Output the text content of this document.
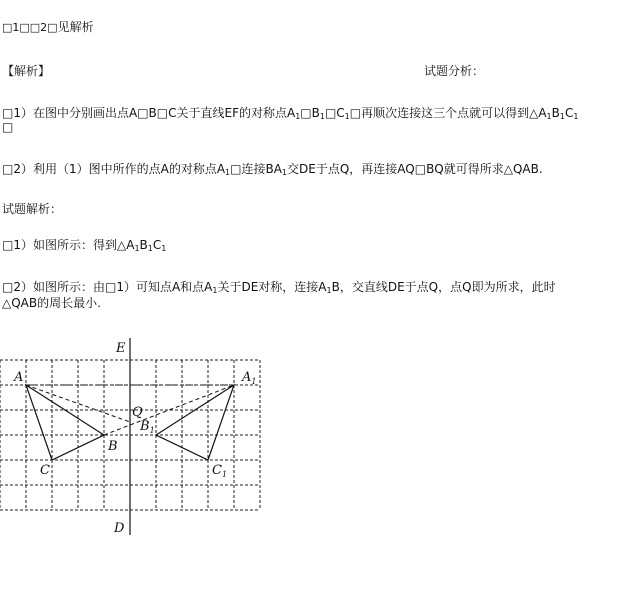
□1□□2□见解析
【解析】	试题分析：
□1）在图中分别画出点A□B□C关于直线EF的对称点$A_1□B_1□C_1□$再顺次连接这三个点就可以得到$\triangle A_1B_1C_1$
□
□2）利用（1）图中所作的点A的对称点$A_1□$连接$BA_1$交DE于点Q，再连接AQ□BQ就可得所求△QAB.
试题解析：
□1）如图所示：得到$\triangle A_1B_1C_1$
□2）如图所示：由□1）可知点A和点$A_1$关于DE对称，连接$A_1B$，交直线DE于点Q，点Q即为所求，此时
△QAB的周长最小.
E
D
A
B
C
Q
$A_1$
$B_1$
$C_1$
